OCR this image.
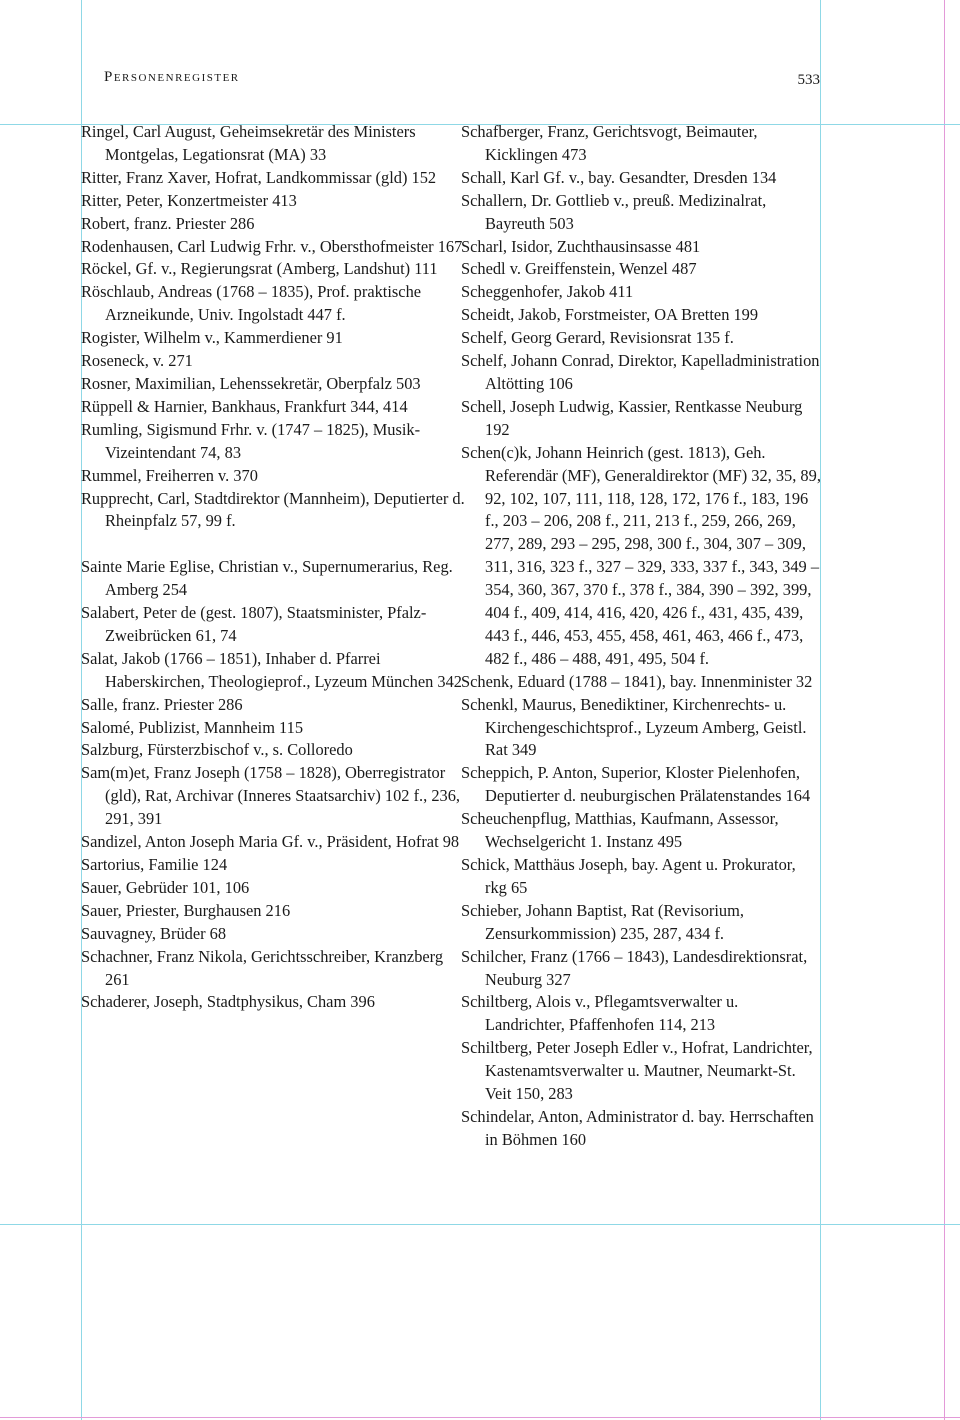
Personenregister	533

Ringel, Carl August, Geheimsekretär des Ministers Montgelas, Legationsrat (MA) 33

Ritter, Franz Xaver, Hofrat, Landkommissar (gld) 152

Ritter, Peter, Konzertmeister 413

Robert, franz. Priester 286

Rodenhausen, Carl Ludwig Frhr. v., Obersthofmeister 167

Röckel, Gf. v., Regierungsrat (Amberg, Landshut) 111

Röschlaub, Andreas (1768 – 1835), Prof. praktische Arzneikunde, Univ. Ingolstadt 447 f.

Rogister, Wilhelm v., Kammerdiener 91

Roseneck, v. 271

Rosner, Maximilian, Lehenssekretär, Oberpfalz 503

Rüppell & Harnier, Bankhaus, Frankfurt 344, 414

Rumling, Sigismund Frhr. v. (1747 – 1825), Musik-Vizeintendant 74, 83

Rummel, Freiherren v. 370

Rupprecht, Carl, Stadtdirektor (Mannheim), Deputierter d. Rheinpfalz 57, 99 f.

Sainte Marie Eglise, Christian v., Supernumerarius, Reg. Amberg 254

Salabert, Peter de (gest. 1807), Staatsminister, Pfalz-Zweibrücken 61, 74

Salat, Jakob (1766 – 1851), Inhaber d. Pfarrei Haberskirchen, Theologieprof., Lyzeum München 342

Salle, franz. Priester 286

Salomé, Publizist, Mannheim 115

Salzburg, Fürsterzbischof v., s. Colloredo

Sam(m)et, Franz Joseph (1758 – 1828), Oberregistrator (gld), Rat, Archivar (Inneres Staatsarchiv) 102 f., 236, 291, 391

Sandizel, Anton Joseph Maria Gf. v., Präsident, Hofrat 98

Sartorius, Familie 124

Sauer, Gebrüder 101, 106

Sauer, Priester, Burghausen 216

Sauvagney, Brüder 68

Schachner, Franz Nikola, Gerichtsschreiber, Kranzberg 261

Schaderer, Joseph, Stadtphysikus, Cham 396

Schafberger, Franz, Gerichtsvogt, Beimauter, Kicklingen 473

Schall, Karl Gf. v., bay. Gesandter, Dresden 134

Schallern, Dr. Gottlieb v., preuß. Medizinalrat, Bayreuth 503

Scharl, Isidor, Zuchthausinsasse 481

Schedl v. Greiffenstein, Wenzel 487

Scheggenhofer, Jakob 411

Scheidt, Jakob, Forstmeister, OA Bretten 199

Schelf, Georg Gerard, Revisionsrat 135 f.

Schelf, Johann Conrad, Direktor, Kapelladministration Altötting 106

Schell, Joseph Ludwig, Kassier, Rentkasse Neuburg 192

Schen(c)k, Johann Heinrich (gest. 1813), Geh. Referendär (MF), Generaldirektor (MF) 32, 35, 89, 92, 102, 107, 111, 118, 128, 172, 176 f., 183, 196 f., 203 – 206, 208 f., 211, 213 f., 259, 266, 269, 277, 289, 293 – 295, 298, 300 f., 304, 307 – 309, 311, 316, 323 f., 327 – 329, 333, 337 f., 343, 349 – 354, 360, 367, 370 f., 378 f., 384, 390 – 392, 399, 404 f., 409, 414, 416, 420, 426 f., 431, 435, 439, 443 f., 446, 453, 455, 458, 461, 463, 466 f., 473, 482 f., 486 – 488, 491, 495, 504 f.

Schenk, Eduard (1788 – 1841), bay. Innenminister 32

Schenkl, Maurus, Benediktiner, Kirchenrechts- u. Kirchengeschichtsprof., Lyzeum Amberg, Geistl. Rat 349

Scheppich, P. Anton, Superior, Kloster Pielenhofen, Deputierter d. neuburgischen Prälatenstandes 164

Scheuchenpflug, Matthias, Kaufmann, Assessor, Wechselgericht 1. Instanz 495

Schick, Matthäus Joseph, bay. Agent u. Prokurator, rkg 65

Schieber, Johann Baptist, Rat (Revisorium, Zensurkommission) 235, 287, 434 f.

Schilcher, Franz (1766 – 1843), Landesdirektionsrat, Neuburg 327

Schiltberg, Alois v., Pflegamtsverwalter u. Landrichter, Pfaffenhofen 114, 213

Schiltberg, Peter Joseph Edler v., Hofrat, Landrichter, Kastenamtsverwalter u. Mautner, Neumarkt-St. Veit 150, 283

Schindelar, Anton, Administrator d. bay. Herrschaften in Böhmen 160
